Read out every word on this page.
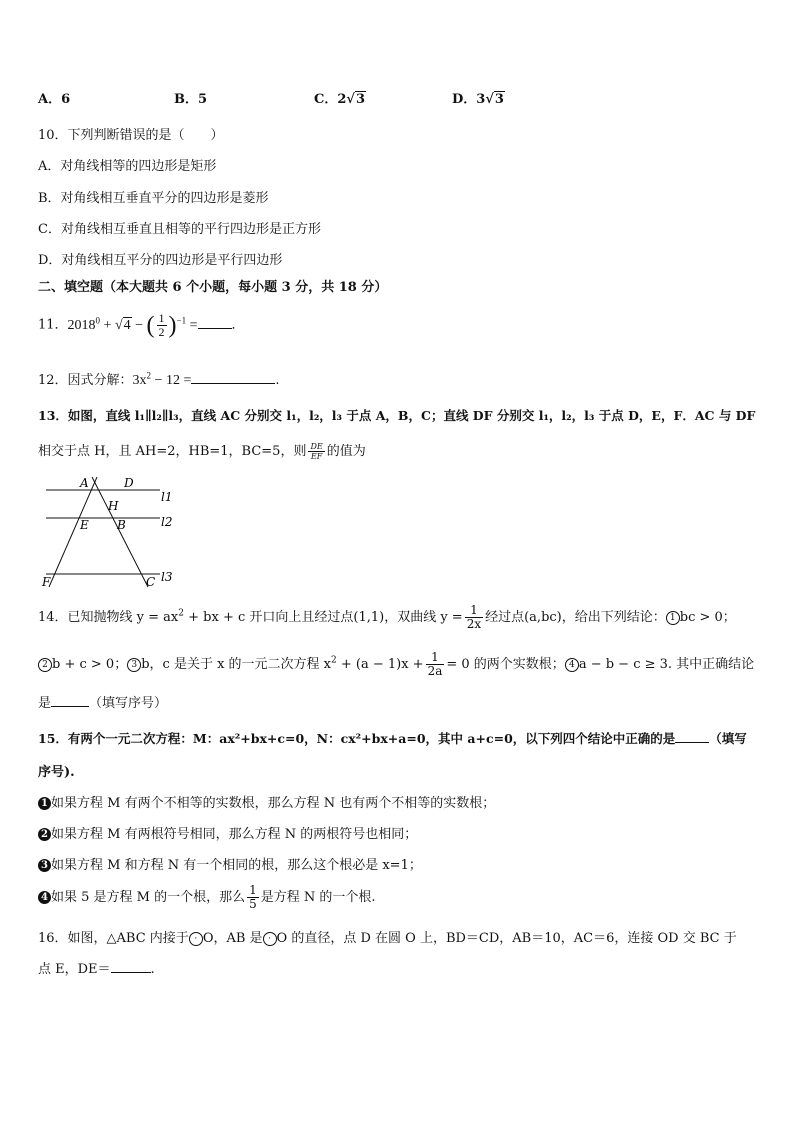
A．6	B．5	C．2√3	D．3√3
10．下列判断错误的是（　　）
A．对角线相等的四边形是矩形
B．对角线相互垂直平分的四边形是菱形
C．对角线相互垂直且相等的平行四边形是正方形
D．对角线相互平分的四边形是平行四边形
二、填空题（本大题共 6 个小题，每小题 3 分，共 18 分）
11．$2018^0 + √4$ − ( $\frac{1}{2} )^{-1}$ =	．
12．因式分解：$3x^2 - 12$ =	.
13．如图，直线 l₁∥l₂∥l₃，直线 AC 分别交 l₁，l₂，l₃ 于点 A，B，C；直线 DF 分别交 l₁，l₂，l₃ 于点 D，E，F．AC 与 DF
相交于点 H，且 AH=2，HB=1，BC=5，则 $\frac{DE}{EF}$ 的值为
A	D
H
E B
F	C
l1
l2
l3
14．已知抛物线 $y = ax^2$ + bx + c 开口向上且经过点(1,1)，双曲线 $y = \frac{1}{2x}$ 经过点(a,bc)，给出下列结论： 1 bc > 0；
2 b + c > 0； 3 b，c 是关于 x 的一元二次方程 $x^2 + (a - 1)x + \frac{1}{2a} = 0$ 的两个实数根； 4 a − b − c ≥ 3. 其中正确结论
是	（填写序号）
15．有两个一元二次方程：M：ax²+bx+c=0，N：cx²+bx+a=0，其中 a+c=0，以下列四个结论中正确的是	（填写
序号).
1 如果方程 M 有两个不相等的实数根，那么方程 N 也有两个不相等的实数根；
2 如果方程 M 有两根符号相同，那么方程 N 的两根符号也相同；
3 如果方程 M 和方程 N 有一个相同的根，那么这个根必是 x=1；
4 如果 5 是方程 M 的一个根，那么 $\frac{1}{5}$ 是方程 N 的一个根.
16．如图，△ABC 内接于 · O，AB 是 · O 的直径，点 D 在圆 O 上，BD＝CD，AB＝10，AC＝6，连接 OD 交 BC 于
点 E，DE＝	.
